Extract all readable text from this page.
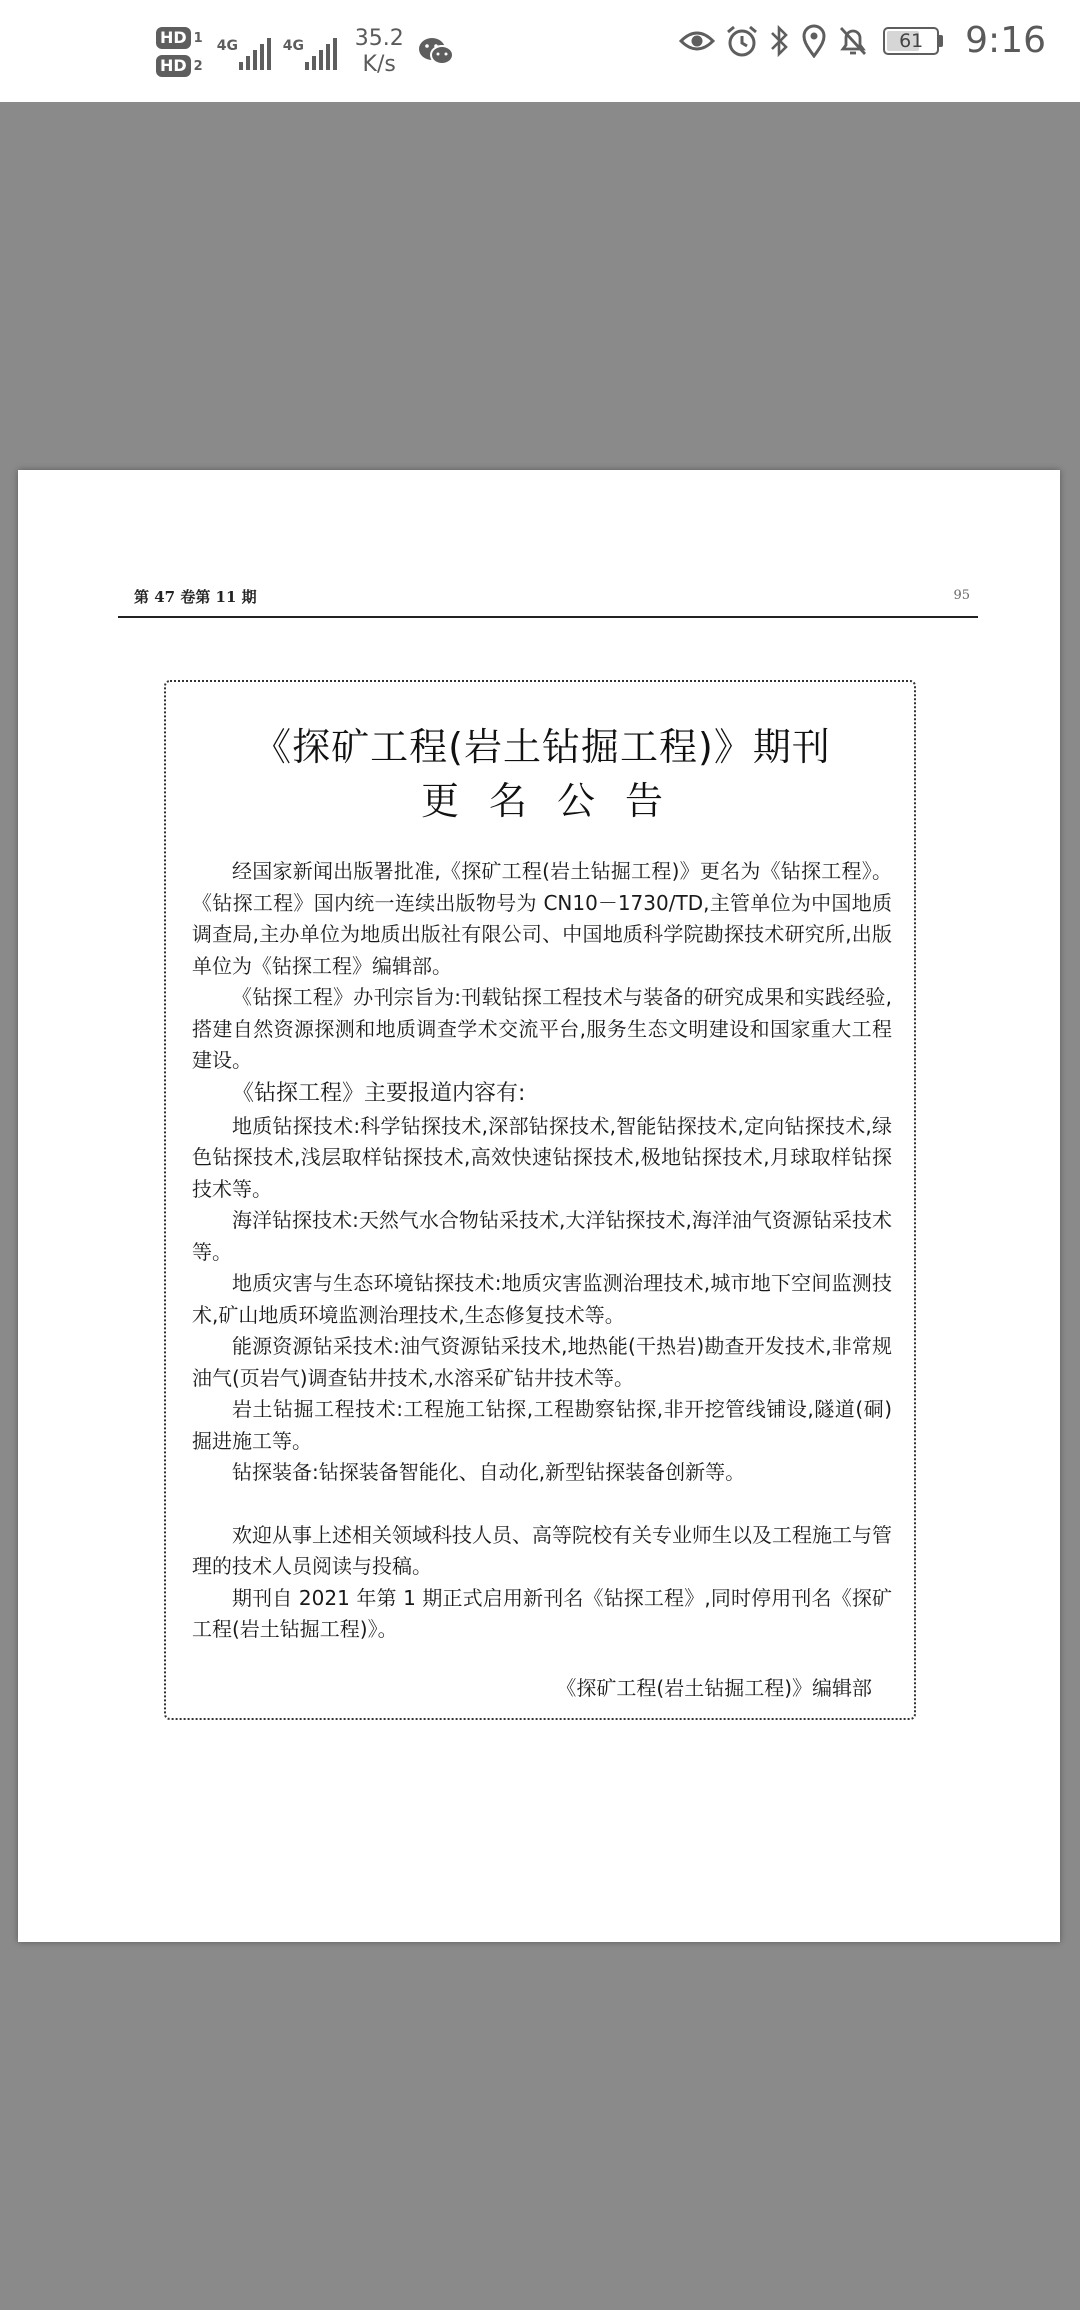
HD 1
HD 2
4G	4G 35.2
K/s
61	9:16
第 47 卷第 11 期	95
《探矿工程(岩土钻掘工程)》期刊
更名公告

经国家新闻出版署批准,《探矿工程(岩土钻掘工程)》更名为《钻探工程》。《钻探工程》国内统一连续出版物号为 CN10－1730/TD,主管单位为中国地质调查局,主办单位为地质出版社有限公司、中国地质科学院勘探技术研究所,出版单位为《钻探工程》编辑部。

《钻探工程》办刊宗旨为:刊载钻探工程技术与装备的研究成果和实践经验,搭建自然资源探测和地质调查学术交流平台,服务生态文明建设和国家重大工程建设。

《钻探工程》主要报道内容有:

地质钻探技术:科学钻探技术,深部钻探技术,智能钻探技术,定向钻探技术,绿色钻探技术,浅层取样钻探技术,高效快速钻探技术,极地钻探技术,月球取样钻探技术等。

海洋钻探技术:天然气水合物钻采技术,大洋钻探技术,海洋油气资源钻采技术等。

地质灾害与生态环境钻探技术:地质灾害监测治理技术,城市地下空间监测技术,矿山地质环境监测治理技术,生态修复技术等。

能源资源钻采技术:油气资源钻采技术,地热能(干热岩)勘查开发技术,非常规油气(页岩气)调查钻井技术,水溶采矿钻井技术等。

岩土钻掘工程技术:工程施工钻探,工程勘察钻探,非开挖管线铺设,隧道(硐)掘进施工等。

钻探装备:钻探装备智能化、自动化,新型钻探装备创新等。

欢迎从事上述相关领域科技人员、高等院校有关专业师生以及工程施工与管理的技术人员阅读与投稿。

期刊自 2021 年第 1 期正式启用新刊名《钻探工程》,同时停用刊名《探矿工程(岩土钻掘工程)》。

《探矿工程(岩土钻掘工程)》编辑部
